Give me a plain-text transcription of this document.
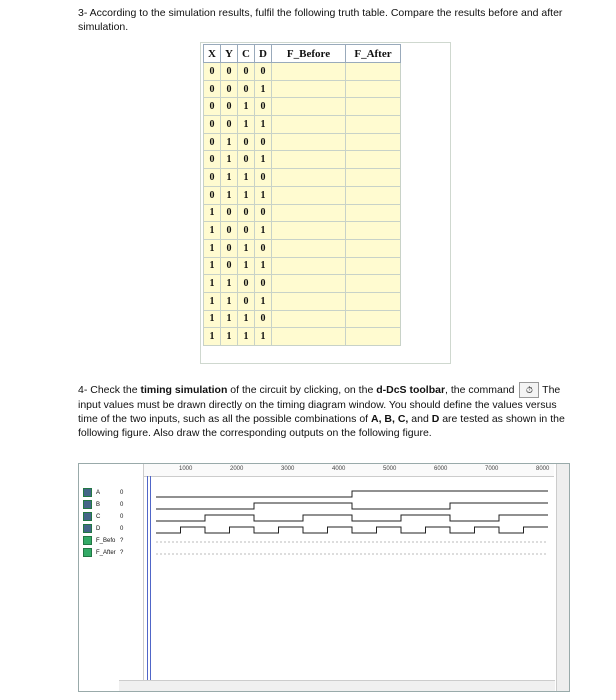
3- According to the simulation results, fulfil the following truth table. Compare the results before and after simulation.
X	Y	C	D	F_Before	F_After
0	0	0	0		
0	0	0	1		
0	0	1	0		
0	0	1	1		
0	1	0	0		
0	1	0	1		
0	1	1	0		
0	1	1	1		
1	0	0	0		
1	0	0	1		
1	0	1	0		
1	0	1	1		
1	1	0	0		
1	1	0	1		
1	1	1	0		
1	1	1	1		
4- Check the timing simulation of the circuit by clicking, on the d-DcS toolbar, the command ⏱ The input values must be drawn directly on the timing diagram window. You should define the values versus time of the two inputs, such as all the possible combinations of A, B, C, and D are tested as shown in the following figure. Also draw the corresponding outputs on the following figure.
A	0
B	0
C	0
D	0
F_Befo ?
F_After ?
1000	2000	3000	4000	5000	6000	7000	8000
